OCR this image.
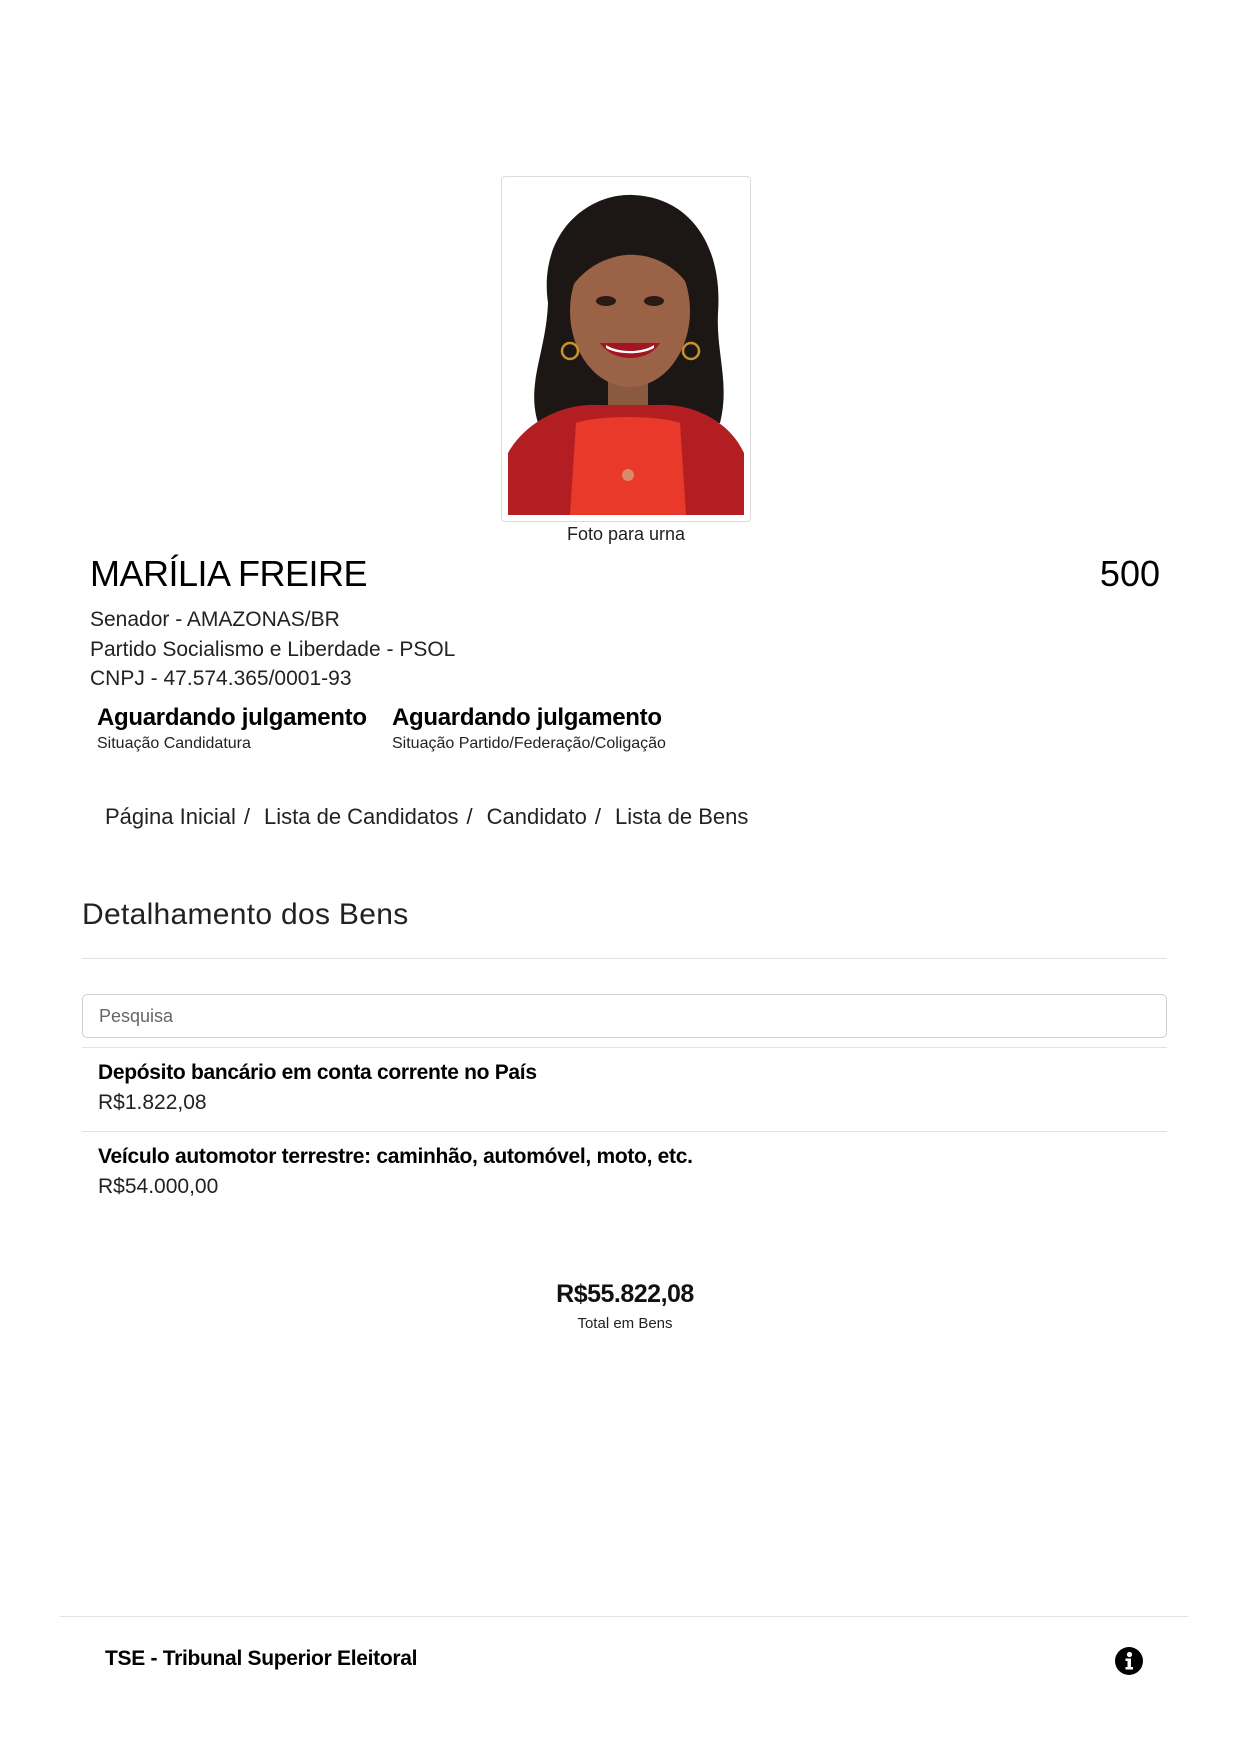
Foto para urna
MARÍLIA FREIRE	500
Senador - AMAZONAS/BR
Partido Socialismo e Liberdade - PSOL
CNPJ - 47.574.365/0001-93
Aguardando julgamento
Situação Candidatura
Aguardando julgamento
Situação Partido/Federação/Coligação
Página Inicial / Lista de Candidatos / Candidato / Lista de Bens
Detalhamento dos Bens
Pesquisa
Depósito bancário em conta corrente no País
R$1.822,08
Veículo automotor terrestre: caminhão, automóvel, moto, etc.
R$54.000,00
R$55.822,08
Total em Bens
TSE - Tribunal Superior Eleitoral
